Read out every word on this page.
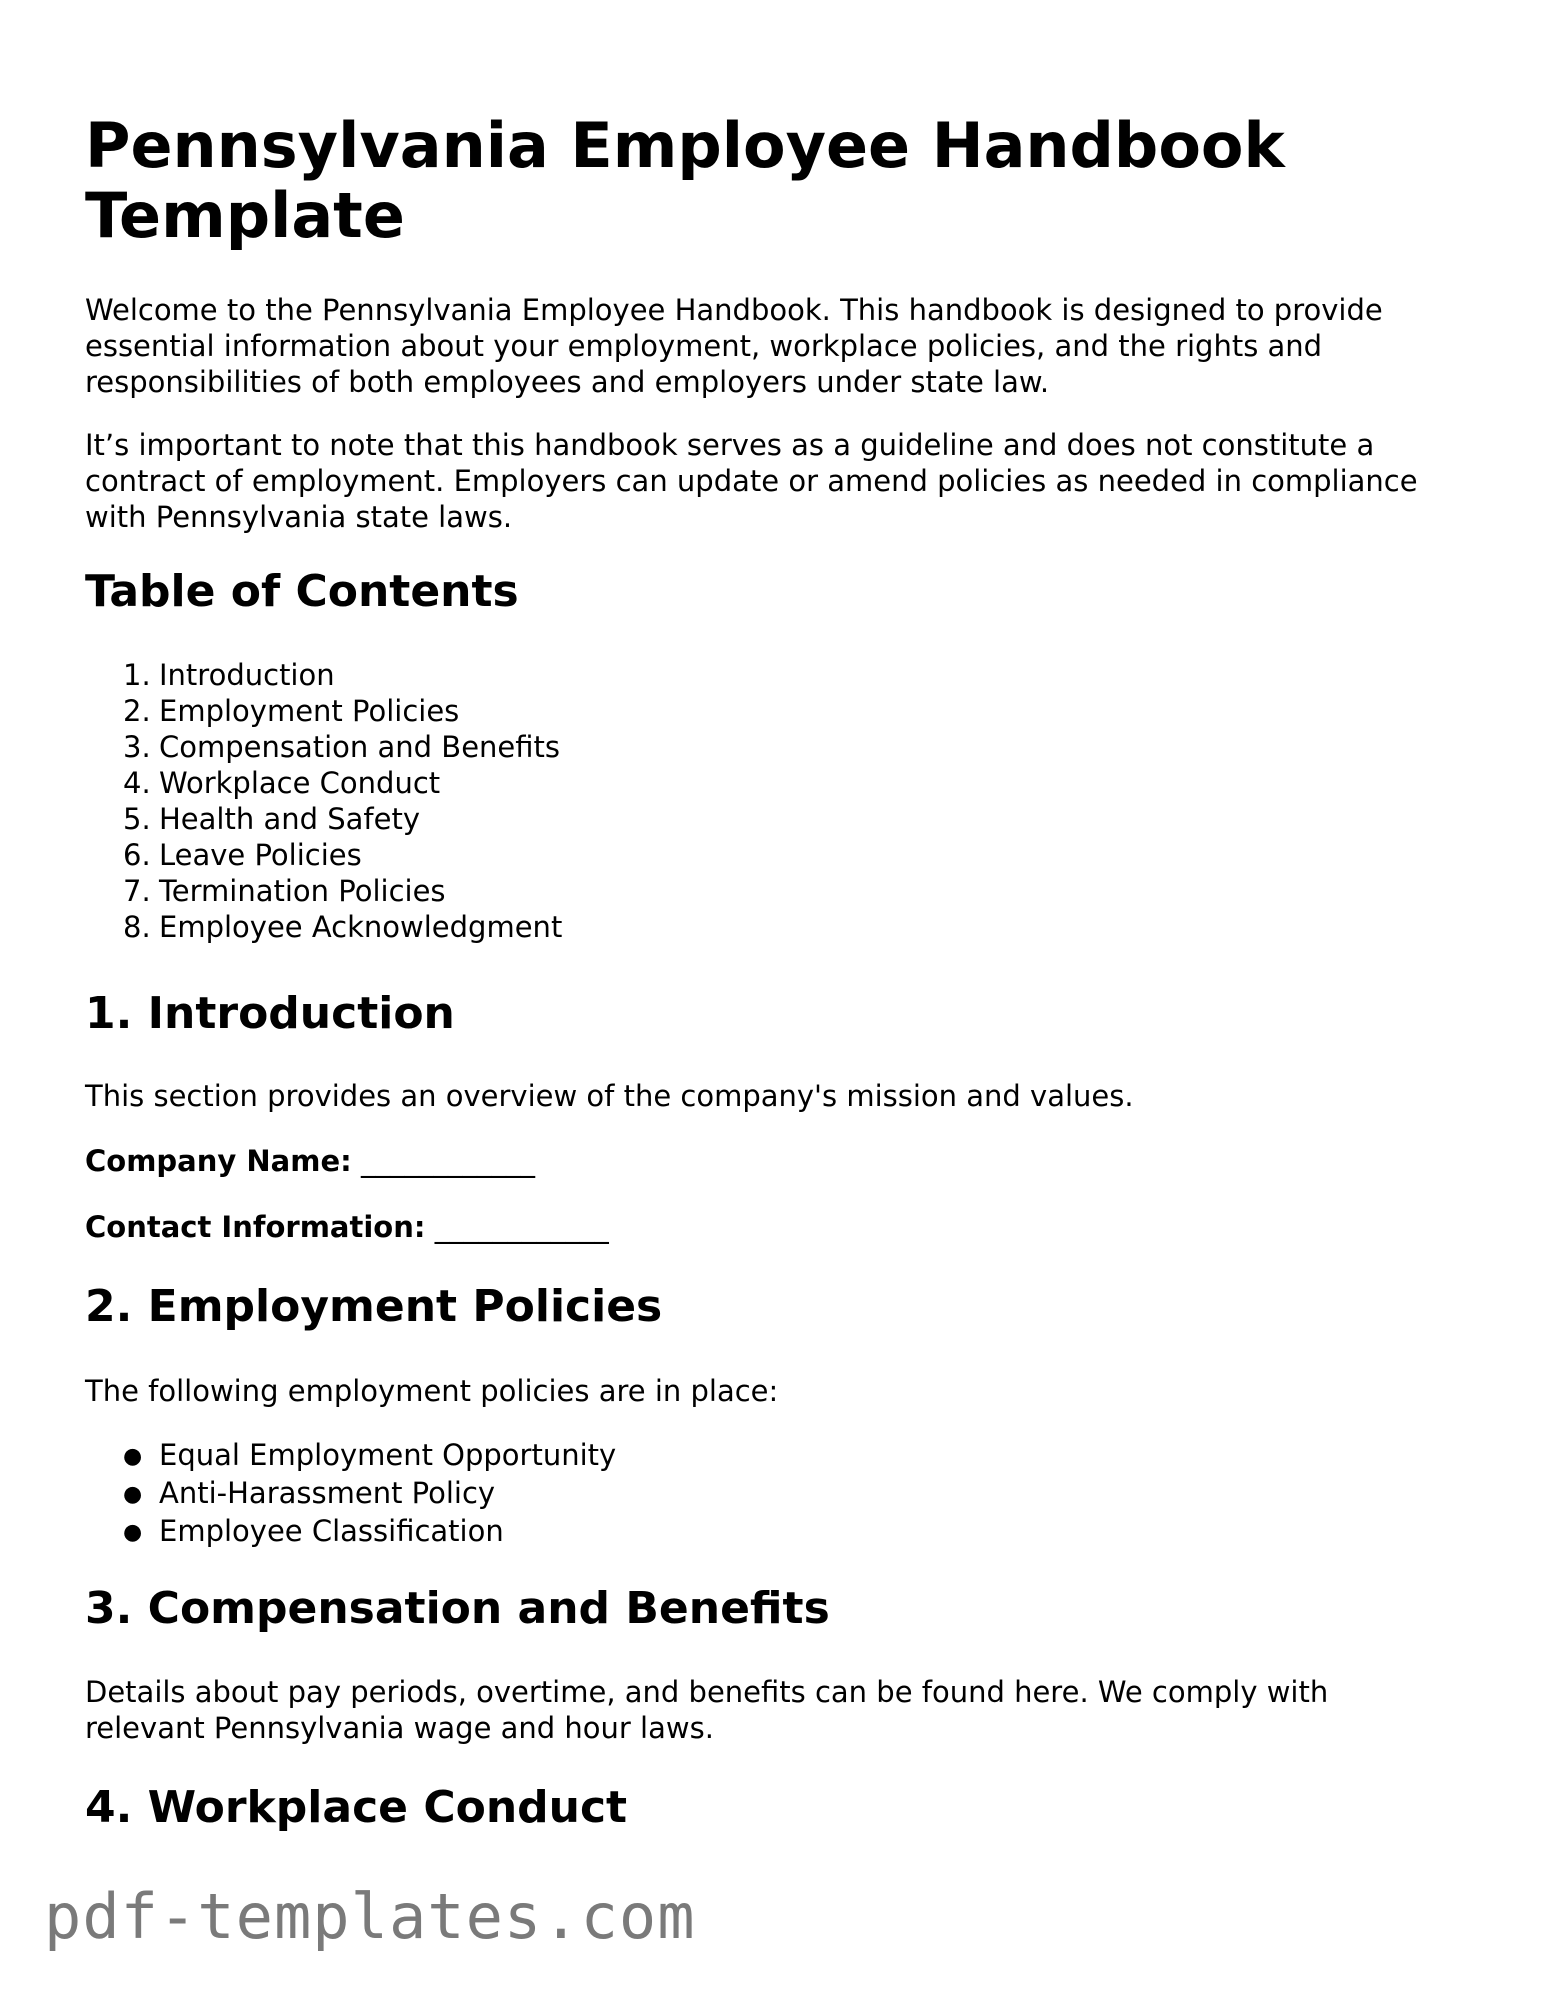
Pennsylvania Employee Handbook Template

Welcome to the Pennsylvania Employee Handbook. This handbook is designed to provide essential information about your employment, workplace policies, and the rights and responsibilities of both employees and employers under state law.

It’s important to note that this handbook serves as a guideline and does not constitute a contract of employment. Employers can update or amend policies as needed in compliance with Pennsylvania state laws.

Table of Contents
1. Introduction
2. Employment Policies
3. Compensation and Benefits
4. Workplace Conduct
5. Health and Safety
6. Leave Policies
7. Termination Policies
8. Employee Acknowledgment
1. Introduction

This section provides an overview of the company's mission and values.

Company Name: ____________

Contact Information: ____________

2. Employment Policies

The following employment policies are in place:

● Equal Employment Opportunity
● Anti-Harassment Policy
● Employee Classification
3. Compensation and Benefits

Details about pay periods, overtime, and benefits can be found here. We comply with relevant Pennsylvania wage and hour laws.

4. Workplace Conduct
pdf-templates.com
